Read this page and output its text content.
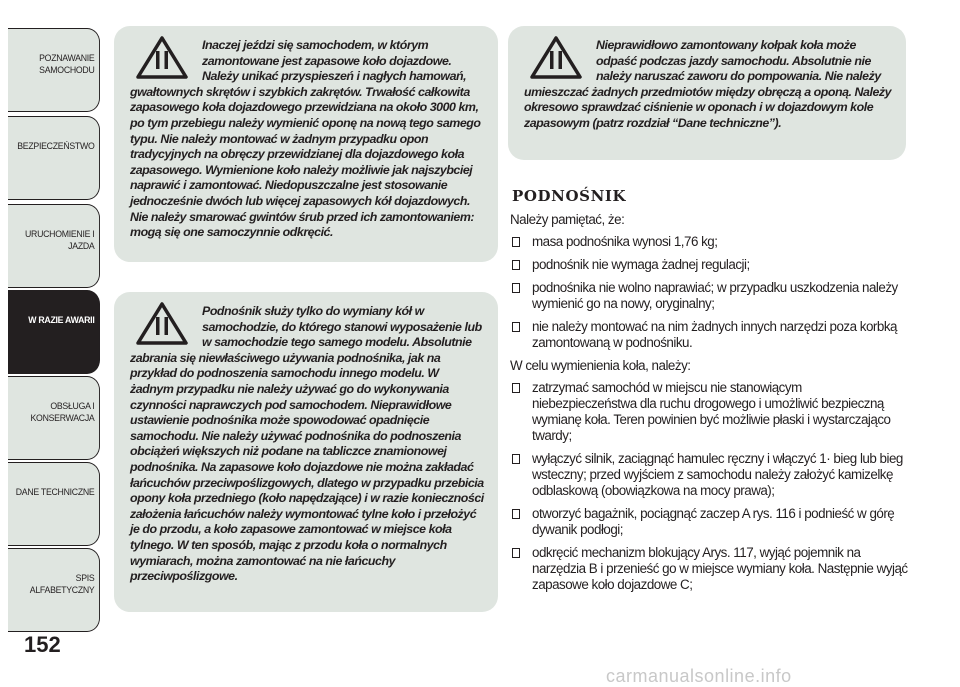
POZNAWANIE SAMOCHODU
BEZPIECZEŃSTWO
URUCHOMIENIE I JAZDA
W RAZIE AWARII
OBSŁUGA I KONSERWACJA
DANE TECHNICZNE
SPIS ALFABETYCZNY
152

Inaczej jeździ się samochodem, w którym zamontowane jest zapasowe koło dojazdowe. Należy unikać przyspieszeń i nagłych hamowań, gwałtownych skrętów i szybkich zakrętów. Trwałość całkowita zapasowego koła dojazdowego przewidziana na około 3000 km, po tym przebiegu należy wymienić oponę na nową tego samego typu. Nie należy montować w żadnym przypadku opon tradycyjnych na obręczy przewidzianej dla dojazdowego koła zapasowego. Wymienione koło należy możliwie jak najszybciej naprawić i zamontować. Niedopuszczalne jest stosowanie jednocześnie dwóch lub więcej zapasowych kół dojazdowych. Nie należy smarować gwintów śrub przed ich zamontowaniem: mogą się one samoczynnie odkręcić.

Podnośnik służy tylko do wymiany kół w samochodzie, do którego stanowi wyposażenie lub w samochodzie tego samego modelu. Absolutnie zabrania się niewłaściwego używania podnośnika, jak na przykład do podnoszenia samochodu innego modelu. W żadnym przypadku nie należy używać go do wykonywania czynności naprawczych pod samochodem. Nieprawidłowe ustawienie podnośnika może spowodować opadnięcie samochodu. Nie należy używać podnośnika do podnoszenia obciążeń większych niż podane na tabliczce znamionowej podnośnika. Na zapasowe koło dojazdowe nie można zakładać łańcuchów przeciwpoślizgowych, dlatego w przypadku przebicia opony koła przedniego (koło napędzające) i w razie konieczności założenia łańcuchów należy wymontować tylne koło i przełożyć je do przodu, a koło zapasowe zamontować w miejsce koła tylnego. W ten sposób, mając z przodu koła o normalnych wymiarach, można zamontować na nie łańcuchy przeciwpoślizgowe.

Nieprawidłowo zamontowany kołpak koła może odpaść podczas jazdy samochodu. Absolutnie nie należy naruszać zaworu do pompowania. Nie należy umieszczać żadnych przedmiotów między obręczą a oponą. Należy okresowo sprawdzać ciśnienie w oponach i w dojazdowym kole zapasowym (patrz rozdział “Dane techniczne”).

PODNOŚNIK
Należy pamiętać, że:
masa podnośnika wynosi 1,76 kg;
podnośnik nie wymaga żadnej regulacji;
podnośnika nie wolno naprawiać; w przypadku uszkodzenia należy wymienić go na nowy, oryginalny;
nie należy montować na nim żadnych innych narzędzi poza korbką zamontowaną w podnośniku.
W celu wymienienia koła, należy:
zatrzymać samochód w miejscu nie stanowiącym niebezpieczeństwa dla ruchu drogowego i umożliwić bezpieczną wymianę koła. Teren powinien być możliwie płaski i wystarczająco twardy;
wyłączyć silnik, zaciągnąć hamulec ręczny i włączyć 1· bieg lub bieg wsteczny; przed wyjściem z samochodu należy założyć kamizelkę odblaskową (obowiązkowa na mocy prawa);
otworzyć bagażnik, pociągnąć zaczep A rys. 116 i podnieść w górę dywanik podłogi;
odkręcić mechanizm blokujący Arys. 117, wyjąć pojemnik na narzędzia B i przenieść go w miejsce wymiany koła. Następnie wyjąć zapasowe koło dojazdowe C;
carmanualsonline.info
